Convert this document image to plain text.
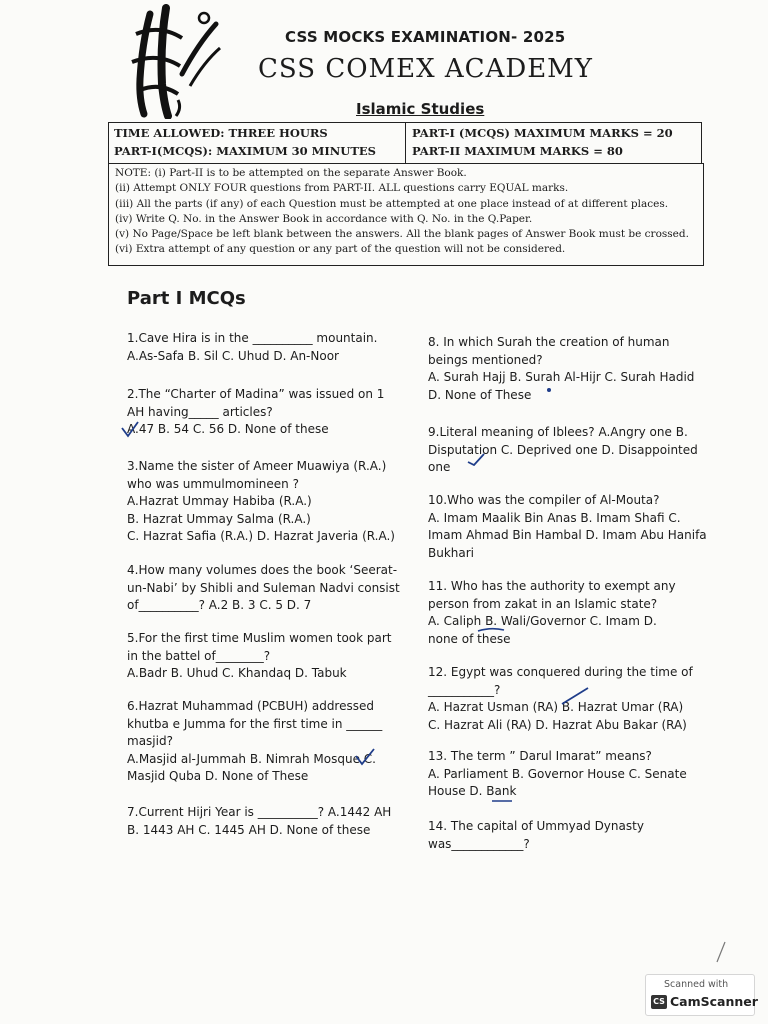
CSS MOCKS EXAMINATION- 2025
CSS COMEX ACADEMY
Islamic Studies
TIME ALLOWED: THREE HOURS
PART-I(MCQS): MAXIMUM 30 MINUTES
PART-I (MCQS) MAXIMUM MARKS = 20
PART-II MAXIMUM MARKS = 80
NOTE: (i) Part-II is to be attempted on the separate Answer Book.
(ii) Attempt ONLY FOUR questions from PART-II. ALL questions carry EQUAL marks.
(iii) All the parts (if any) of each Question must be attempted at one place instead of at different places.
(iv) Write Q. No. in the Answer Book in accordance with Q. No. in the Q.Paper.
(v) No Page/Space be left blank between the answers. All the blank pages of Answer Book must be crossed.
(vi) Extra attempt of any question or any part of the question will not be considered.
Part I MCQs

1.Cave Hira is in the __________ mountain.

A.As-Safa B. Sil C. Uhud D. An-Noor

2.The “Charter of Madina” was issued on 1

AH having_____ articles?

A.47 B. 54 C. 56 D. None of these

3.Name the sister of Ameer Muawiya (R.A.)

who was ummulmomineen ?

A.Hazrat Ummay Habiba (R.A.)

B. Hazrat Ummay Salma (R.A.)

C. Hazrat Safia (R.A.) D. Hazrat Javeria (R.A.)

4.How many volumes does the book ‘Seerat-

un-Nabi’ by Shibli and Suleman Nadvi consist

of__________? A.2 B. 3 C. 5 D. 7

5.For the first time Muslim women took part

in the battel of________?

A.Badr B. Uhud C. Khandaq D. Tabuk

6.Hazrat Muhammad (PCBUH) addressed

khutba e Jumma for the first time in ______

masjid?

A.Masjid al-Jummah B. Nimrah Mosque C.

Masjid Quba D. None of These

7.Current Hijri Year is __________? A.1442 AH

B. 1443 AH C. 1445 AH D. None of these

8. In which Surah the creation of human

beings mentioned?

A. Surah Hajj B. Surah Al-Hijr C. Surah Hadid

D. None of These

9.Literal meaning of Iblees? A.Angry one B.

Disputation C. Deprived one D. Disappointed

one

10.Who was the compiler of Al-Mouta?

A. Imam Maalik Bin Anas B. Imam Shafi C.

Imam Ahmad Bin Hambal D. Imam Abu Hanifa

Bukhari

11. Who has the authority to exempt any

person from zakat in an Islamic state?

A. Caliph B. Wali/Governor C. Imam D.

none of these

12. Egypt was conquered during the time of

___________?

A. Hazrat Usman (RA) B. Hazrat Umar (RA)

C. Hazrat Ali (RA) D. Hazrat Abu Bakar (RA)

13. The term ” Darul Imarat” means?

A. Parliament B. Governor House C. Senate

House D. Bank

14. The capital of Ummyad Dynasty

was____________?

Scanned with
CS CamScanner
